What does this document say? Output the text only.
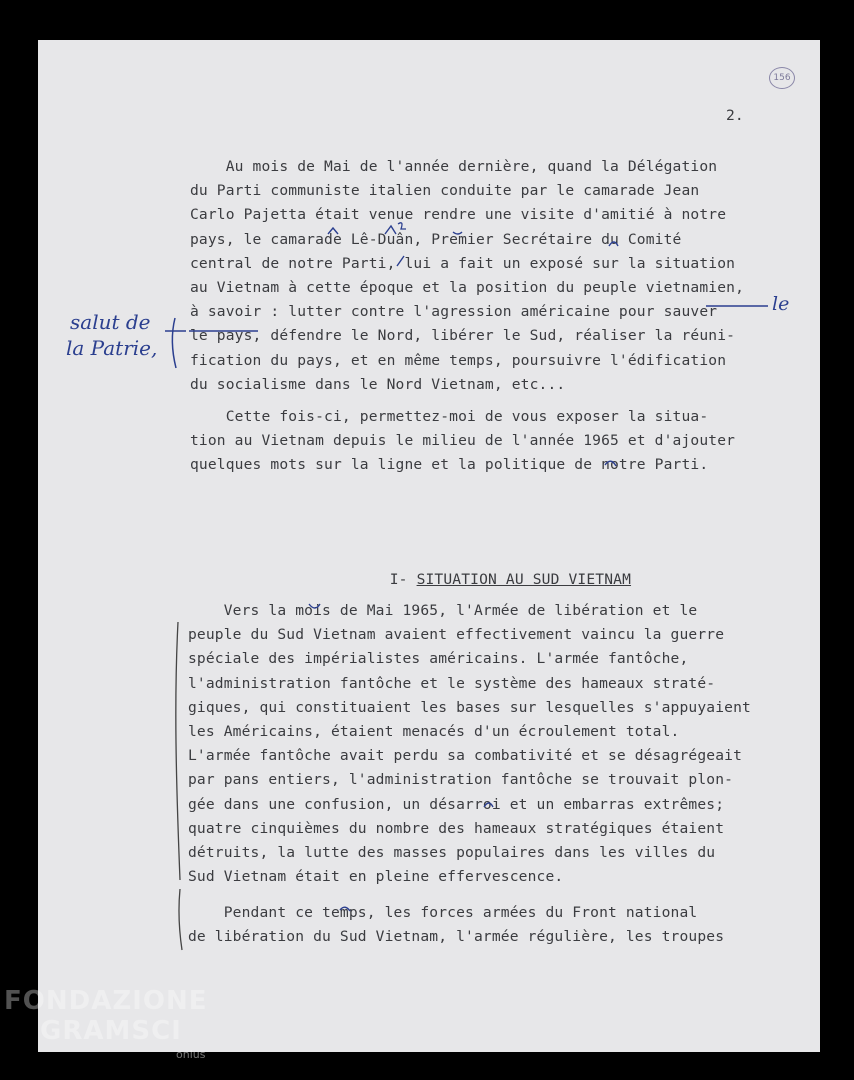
156
2.

Au mois de Mai de l'année dernière, quand la Délégation

du Parti communiste italien conduite par le camarade Jean

Carlo Pajetta était venue rendre une visite d'amitié à notre

pays, le camarade Lê-Duân, Premier Secrétaire du Comité

central de notre Parti, lui a fait un exposé sur la situation

au Vietnam à cette époque et la position du peuple vietnamien,

à savoir : lutter contre l'agression américaine pour sauver

le pays, défendre le Nord, libérer le Sud, réaliser la réuni-

fication du pays, et en même temps, poursuivre l'édification

du socialisme dans le Nord Vietnam, etc...

Cette fois-ci, permettez-moi de vous exposer la situa-

tion au Vietnam depuis le milieu de l'année 1965 et d'ajouter

quelques mots sur la ligne et la politique de notre Parti.

I- SITUATION AU SUD VIETNAM

Vers la mois de Mai 1965, l'Armée de libération et le

peuple du Sud Vietnam avaient effectivement vaincu la guerre

spéciale des impérialistes américains. L'armée fantôche,

l'administration fantôche et le système des hameaux straté-

giques, qui constituaient les bases sur lesquelles s'appuyaient

les Américains, étaient menacés d'un écroulement total.

L'armée fantôche avait perdu sa combativité et se désagrégeait

par pans entiers, l'administration fantôche se trouvait plon-

gée dans une confusion, un désarroi et un embarras extrêmes;

quatre cinquièmes du nombre des hameaux stratégiques étaient

détruits, la lutte des masses populaires dans les villes du

Sud Vietnam était en pleine effervescence.

Pendant ce temps, les forces armées du Front national

de libération du Sud Vietnam, l'armée régulière, les troupes

salut de
la Patrie,
le
FONDAZIONE
GRAMSCI
onlus
